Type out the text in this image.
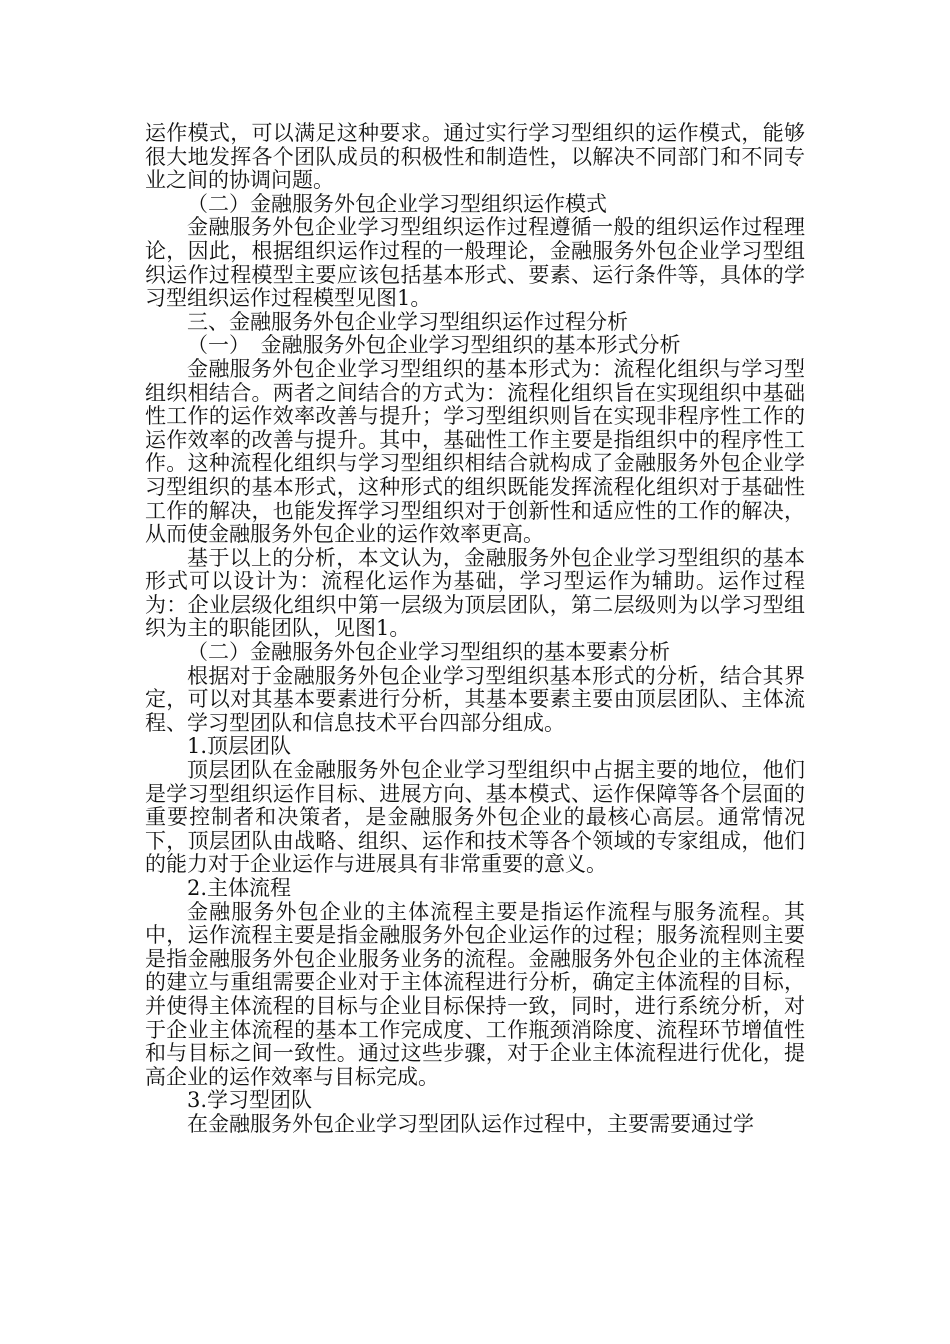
运作模式，可以满足这种要求。通过实行学习型组织的运作模式，能够很大地发挥各个团队成员的积极性和制造性，以解决不同部门和不同专业之间的协调问题。

（二）金融服务外包企业学习型组织运作模式

金融服务外包企业学习型组织运作过程遵循一般的组织运作过程理论，因此，根据组织运作过程的一般理论，金融服务外包企业学习型组织运作过程模型主要应该包括基本形式、要素、运行条件等，具体的学习型组织运作过程模型见图1。

三、金融服务外包企业学习型组织运作过程分析

（一）　金融服务外包企业学习型组织的基本形式分析

金融服务外包企业学习型组织的基本形式为：流程化组织与学习型组织相结合。两者之间结合的方式为：流程化组织旨在实现组织中基础性工作的运作效率改善与提升；学习型组织则旨在实现非程序性工作的运作效率的改善与提升。其中，基础性工作主要是指组织中的程序性工作。这种流程化组织与学习型组织相结合就构成了金融服务外包企业学习型组织的基本形式，这种形式的组织既能发挥流程化组织对于基础性工作的解决，也能发挥学习型组织对于创新性和适应性的工作的解决，从而使金融服务外包企业的运作效率更高。

基于以上的分析，本文认为，金融服务外包企业学习型组织的基本形式可以设计为：流程化运作为基础，学习型运作为辅助。运作过程为：企业层级化组织中第一层级为顶层团队，第二层级则为以学习型组织为主的职能团队，见图1。

（二）金融服务外包企业学习型组织的基本要素分析

根据对于金融服务外包企业学习型组织基本形式的分析，结合其界定，可以对其基本要素进行分析，其基本要素主要由顶层团队、主体流程、学习型团队和信息技术平台四部分组成。

1.顶层团队

顶层团队在金融服务外包企业学习型组织中占据主要的地位，他们是学习型组织运作目标、进展方向、基本模式、运作保障等各个层面的重要控制者和决策者，是金融服务外包企业的最核心高层。通常情况下，顶层团队由战略、组织、运作和技术等各个领域的专家组成，他们的能力对于企业运作与进展具有非常重要的意义。

2.主体流程

金融服务外包企业的主体流程主要是指运作流程与服务流程。其中，运作流程主要是指金融服务外包企业运作的过程；服务流程则主要是指金融服务外包企业服务业务的流程。金融服务外包企业的主体流程的建立与重组需要企业对于主体流程进行分析，确定主体流程的目标，并使得主体流程的目标与企业目标保持一致，同时，进行系统分析，对于企业主体流程的基本工作完成度、工作瓶颈消除度、流程环节增值性和与目标之间一致性。通过这些步骤，对于企业主体流程进行优化，提高企业的运作效率与目标完成。

3.学习型团队

在金融服务外包企业学习型团队运作过程中，主要需要通过学
